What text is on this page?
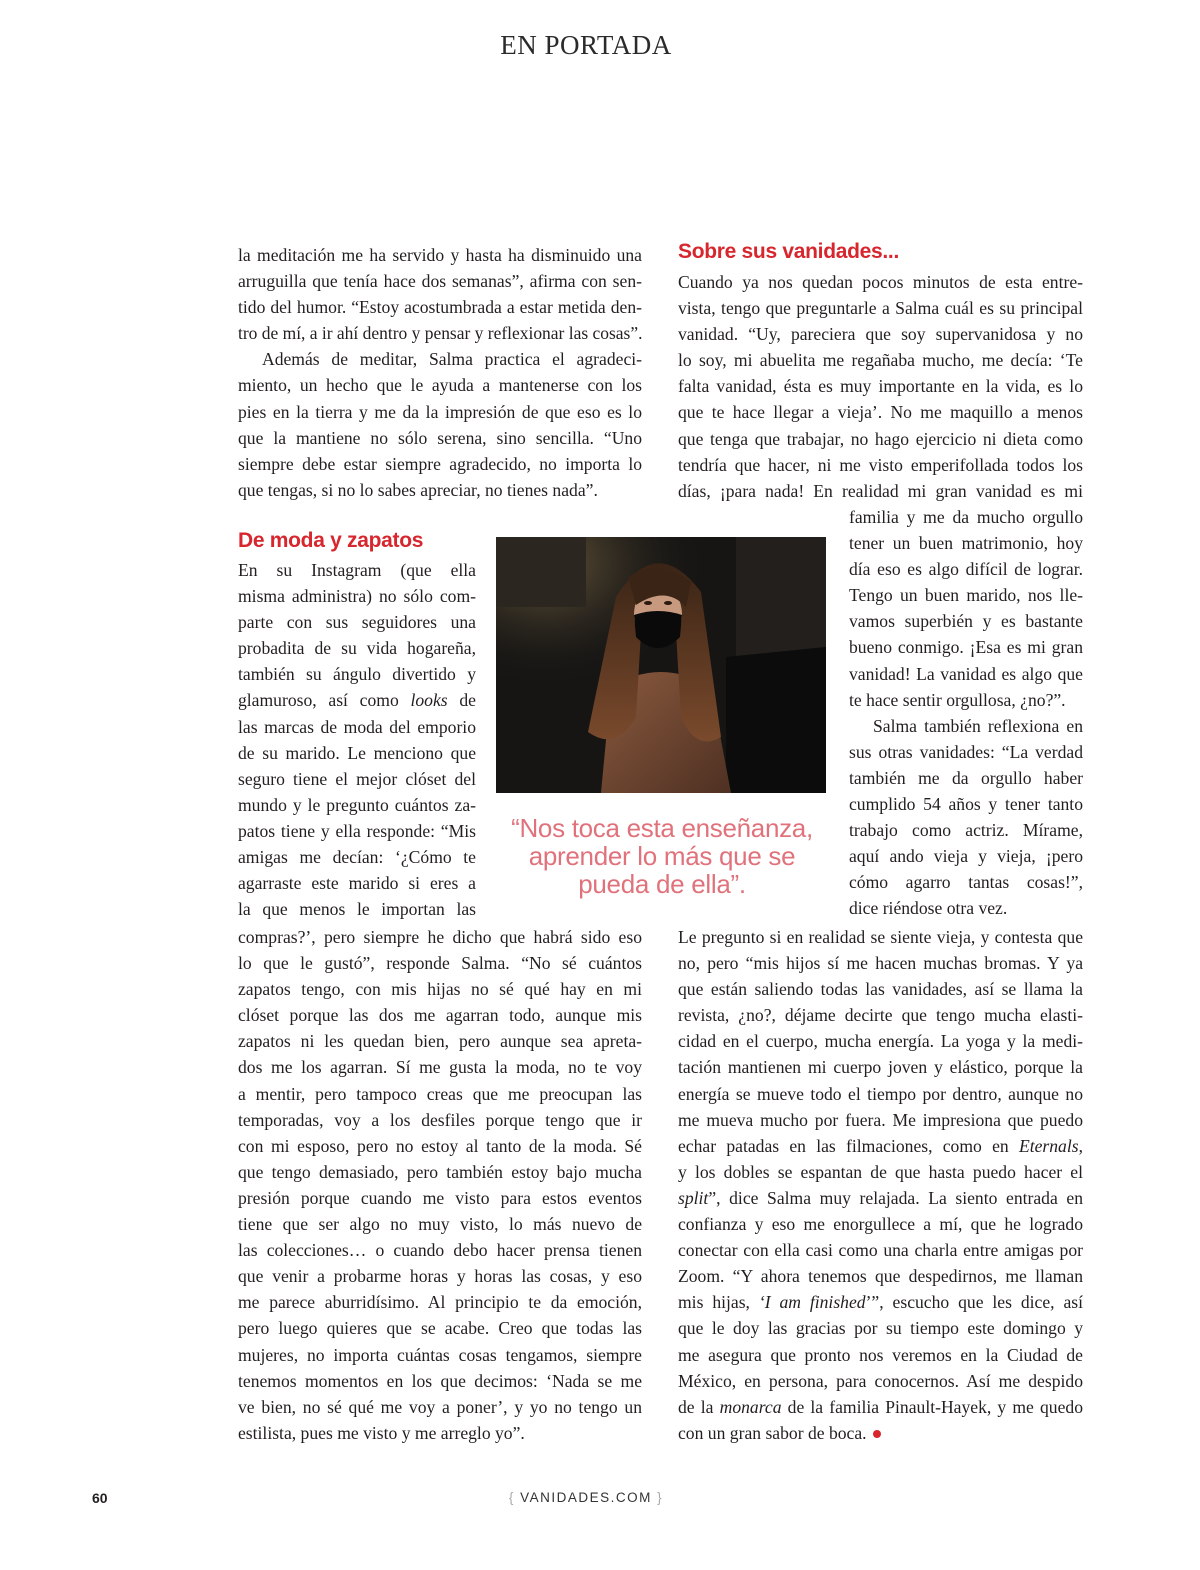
EN PORTADA
Sobre sus vanidades...
De moda y zapatos
la meditación me ha servido y hasta ha disminuido una
arruguilla que tenía hace dos semanas”, afirma con sen-
tido del humor. “Estoy acostumbrada a estar metida den-
tro de mí, a ir ahí dentro y pensar y reflexionar las cosas”.
Además de meditar, Salma practica el agradeci-
miento, un hecho que le ayuda a mantenerse con los
pies en la tierra y me da la impresión de que eso es lo
que la mantiene no sólo serena, sino sencilla. “Uno
siempre debe estar siempre agradecido, no importa lo
que tengas, si no lo sabes apreciar, no tienes nada”.
En su Instagram (que ella
misma administra) no sólo com-
parte con sus seguidores una
probadita de su vida hogareña,
también su ángulo divertido y
glamuroso, así como looks de
las marcas de moda del emporio
de su marido. Le menciono que
seguro tiene el mejor clóset del
mundo y le pregunto cuántos za-
patos tiene y ella responde: “Mis
amigas me decían: ‘¿Cómo te
agarraste este marido si eres a
la que menos le importan las
compras?’, pero siempre he dicho que habrá sido eso
lo que le gustó”, responde Salma. “No sé cuántos
zapatos tengo, con mis hijas no sé qué hay en mi
clóset porque las dos me agarran todo, aunque mis
zapatos ni les quedan bien, pero aunque sea apreta-
dos me los agarran. Sí me gusta la moda, no te voy
a mentir, pero tampoco creas que me preocupan las
temporadas, voy a los desfiles porque tengo que ir
con mi esposo, pero no estoy al tanto de la moda. Sé
que tengo demasiado, pero también estoy bajo mucha
presión porque cuando me visto para estos eventos
tiene que ser algo no muy visto, lo más nuevo de
las colecciones… o cuando debo hacer prensa tienen
que venir a probarme horas y horas las cosas, y eso
me parece aburridísimo. Al principio te da emoción,
pero luego quieres que se acabe. Creo que todas las
mujeres, no importa cuántas cosas tengamos, siempre
tenemos momentos en los que decimos: ‘Nada se me
ve bien, no sé qué me voy a poner’, y yo no tengo un
estilista, pues me visto y me arreglo yo”.
Cuando ya nos quedan pocos minutos de esta entre-
vista, tengo que preguntarle a Salma cuál es su principal
vanidad. “Uy, pareciera que soy supervanidosa y no
lo soy, mi abuelita me regañaba mucho, me decía: ‘Te
falta vanidad, ésta es muy importante en la vida, es lo
que te hace llegar a vieja’. No me maquillo a menos
que tenga que trabajar, no hago ejercicio ni dieta como
tendría que hacer, ni me visto emperifollada todos los
días, ¡para nada! En realidad mi gran vanidad es mi
familia y me da mucho orgullo
tener un buen matrimonio, hoy
día eso es algo difícil de lograr.
Tengo un buen marido, nos lle-
vamos superbién y es bastante
bueno conmigo. ¡Esa es mi gran
vanidad! La vanidad es algo que
te hace sentir orgullosa, ¿no?”.
Salma también reflexiona en
sus otras vanidades: “La verdad
también me da orgullo haber
cumplido 54 años y tener tanto
trabajo como actriz. Mírame,
aquí ando vieja y vieja, ¡pero
cómo agarro tantas cosas!”,
dice riéndose otra vez.
Le pregunto si en realidad se siente vieja, y contesta que
no, pero “mis hijos sí me hacen muchas bromas. Y ya
que están saliendo todas las vanidades, así se llama la
revista, ¿no?, déjame decirte que tengo mucha elasti-
cidad en el cuerpo, mucha energía. La yoga y la medi-
tación mantienen mi cuerpo joven y elástico, porque la
energía se mueve todo el tiempo por dentro, aunque no
me mueva mucho por fuera. Me impresiona que puedo
echar patadas en las filmaciones, como en Eternals,
y los dobles se espantan de que hasta puedo hacer el
split”, dice Salma muy relajada. La siento entrada en
confianza y eso me enorgullece a mí, que he logrado
conectar con ella casi como una charla entre amigas por
Zoom. “Y ahora tenemos que despedirnos, me llaman
mis hijas, ‘I am finished’”, escucho que les dice, así
que le doy las gracias por su tiempo este domingo y
me asegura que pronto nos veremos en la Ciudad de
México, en persona, para conocernos. Así me despido
de la monarca de la familia Pinault-Hayek, y me quedo
con un gran sabor de boca.
“Nos toca esta enseñanza,
aprender lo más que se
pueda de ella”.
60	{ VANIDADES.COM }
